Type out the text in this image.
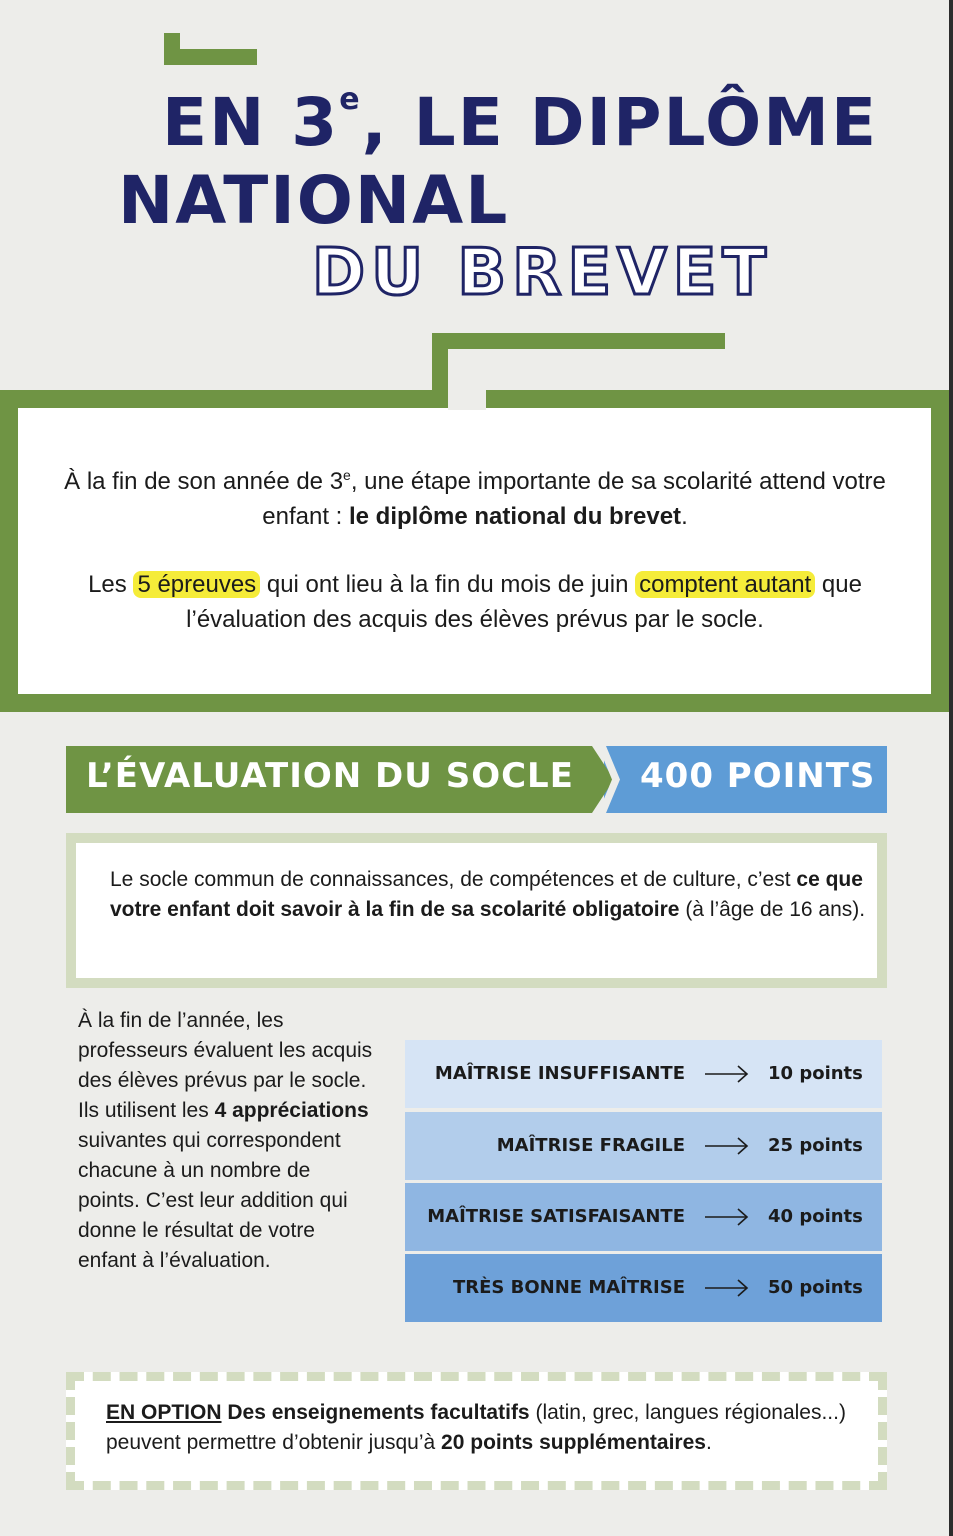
EN 3e, LE DIPLÔME
NATIONAL
DU BREVET

À la fin de son année de 3e, une étape importante de sa scolarité attend votre enfant : le diplôme national du brevet.

Les 5 épreuves qui ont lieu à la fin du mois de juin comptent autant que l’évaluation des acquis des élèves prévus par le socle.

L’ÉVALUATION DU SOCLE 400 POINTS

Le socle commun de connaissances, de compétences et de culture, c’est ce que votre enfant doit savoir à la fin de sa scolarité obligatoire (à l’âge de 16 ans).

À la fin de l’année, les professeurs évaluent les acquis des élèves prévus par le socle. Ils utilisent les 4 appréciations suivantes qui correspondent chacune à un nombre de points. C’est leur addition qui donne le résultat de votre enfant à l’évaluation.

MAÎTRISE INSUFFISANTE	10 points
MAÎTRISE FRAGILE	25 points
MAÎTRISE SATISFAISANTE	40 points
TRÈS BONNE MAÎTRISE	50 points

EN OPTION Des enseignements facultatifs (latin, grec, langues régionales...) peuvent permettre d’obtenir jusqu’à 20 points supplémentaires.
